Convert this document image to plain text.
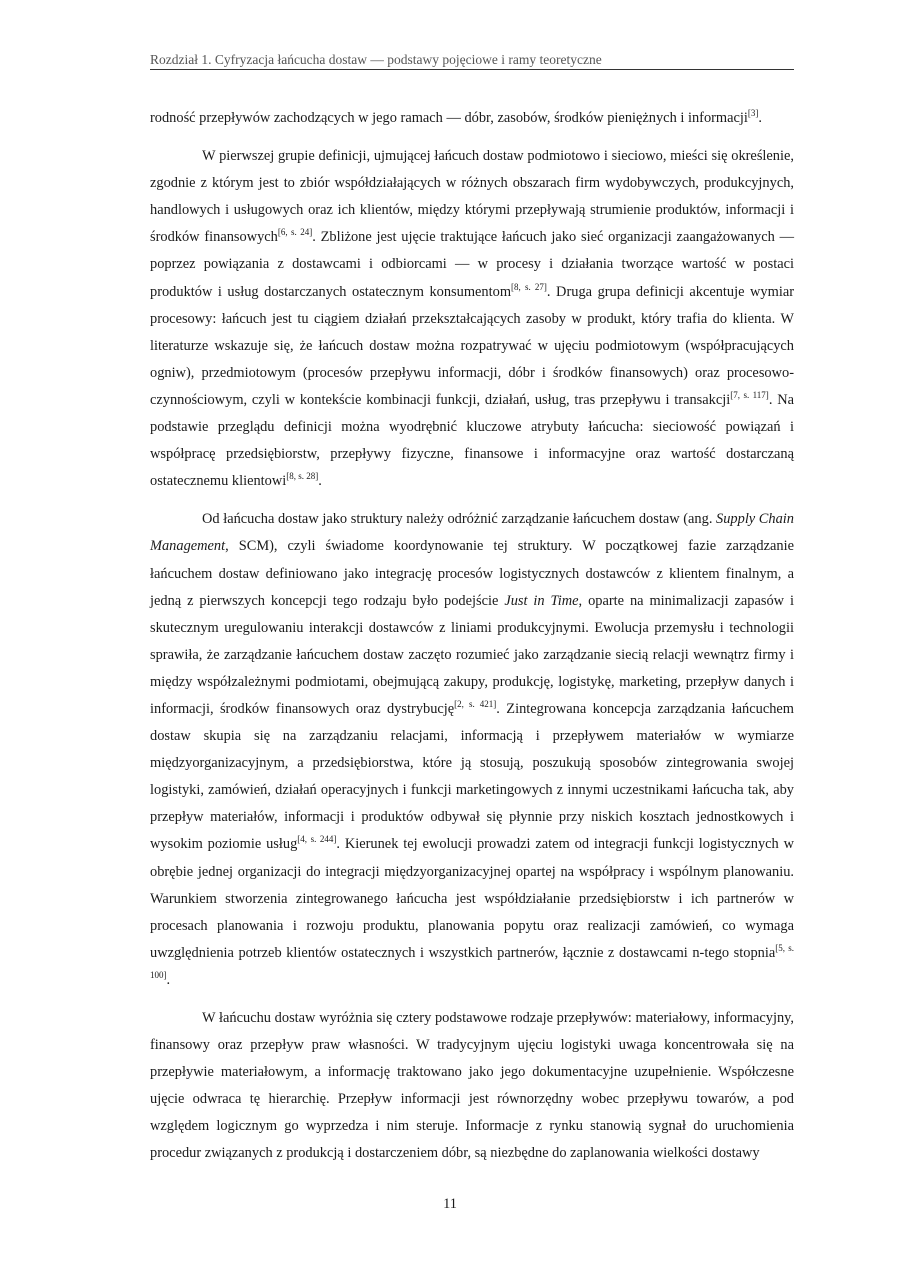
Rozdział 1. Cyfryzacja łańcucha dostaw — podstawy pojęciowe i ramy teoretyczne

rodność przepływów zachodzących w jego ramach — dóbr, zasobów, środków pieniężnych i informacji[3].

W pierwszej grupie definicji, ujmującej łańcuch dostaw podmiotowo i sieciowo, mieści się określenie, zgodnie z którym jest to zbiór współdziałających w różnych obszarach firm wydobywczych, produkcyjnych, handlowych i usługowych oraz ich klientów, między którymi przepływają strumienie produktów, informacji i środków finansowych[6, s. 24]. Zbliżone jest ujęcie traktujące łańcuch jako sieć organizacji zaangażowanych — poprzez powiązania z dostawcami i odbiorcami — w procesy i działania tworzące wartość w postaci produktów i usług dostarczanych ostatecznym konsumentom[8, s. 27]. Druga grupa definicji akcentuje wymiar procesowy: łańcuch jest tu ciągiem działań przekształcających zasoby w produkt, który trafia do klienta. W literaturze wskazuje się, że łańcuch dostaw można rozpatrywać w ujęciu podmiotowym (współpracujących ogniw), przedmiotowym (procesów przepływu informacji, dóbr i środków finansowych) oraz procesowo-czynnościowym, czyli w kontekście kombinacji funkcji, działań, usług, tras przepływu i transakcji[7, s. 117]. Na podstawie przeglądu definicji można wyodrębnić kluczowe atrybuty łańcucha: sieciowość powiązań i współpracę przedsiębiorstw, przepływy fizyczne, finansowe i informacyjne oraz wartość dostarczaną ostatecznemu klientowi[8, s. 28].

Od łańcucha dostaw jako struktury należy odróżnić zarządzanie łańcuchem dostaw (ang. Supply Chain Management, SCM), czyli świadome koordynowanie tej struktury. W początkowej fazie zarządzanie łańcuchem dostaw definiowano jako integrację procesów logistycznych dostawców z klientem finalnym, a jedną z pierwszych koncepcji tego rodzaju było podejście Just in Time, oparte na minimalizacji zapasów i skutecznym uregulowaniu interakcji dostawców z liniami produkcyjnymi. Ewolucja przemysłu i technologii sprawiła, że zarządzanie łańcuchem dostaw zaczęto rozumieć jako zarządzanie siecią relacji wewnątrz firmy i między współzależnymi podmiotami, obejmującą zakupy, produkcję, logistykę, marketing, przepływ danych i informacji, środków finansowych oraz dystrybucję[2, s. 421]. Zintegrowana koncepcja zarządzania łańcuchem dostaw skupia się na zarządzaniu relacjami, informacją i przepływem materiałów w wymiarze międzyorganizacyjnym, a przedsiębiorstwa, które ją stosują, poszukują sposobów zintegrowania swojej logistyki, zamówień, działań operacyjnych i funkcji marketingowych z innymi uczestnikami łańcucha tak, aby przepływ materiałów, informacji i produktów odbywał się płynnie przy niskich kosztach jednostkowych i wysokim poziomie usług[4, s. 244]. Kierunek tej ewolucji prowadzi zatem od integracji funkcji logistycznych w obrębie jednej organizacji do integracji międzyorganizacyjnej opartej na współpracy i wspólnym planowaniu. Warunkiem stworzenia zintegrowanego łańcucha jest współdziałanie przedsiębiorstw i ich partnerów w procesach planowania i rozwoju produktu, planowania popytu oraz realizacji zamówień, co wymaga uwzględnienia potrzeb klientów ostatecznych i wszystkich partnerów, łącznie z dostawcami n-tego stopnia[5, s. 100].

W łańcuchu dostaw wyróżnia się cztery podstawowe rodzaje przepływów: materiałowy, informacyjny, finansowy oraz przepływ praw własności. W tradycyjnym ujęciu logistyki uwaga koncentrowała się na przepływie materiałowym, a informację traktowano jako jego dokumentacyjne uzupełnienie. Współczesne ujęcie odwraca tę hierarchię. Przepływ informacji jest równorzędny wobec przepływu towarów, a pod względem logicznym go wyprzedza i nim steruje. Informacje z rynku stanowią sygnał do uruchomienia procedur związanych z produkcją i dostarczeniem dóbr, są niezbędne do zaplanowania wielkości dostawy

11
